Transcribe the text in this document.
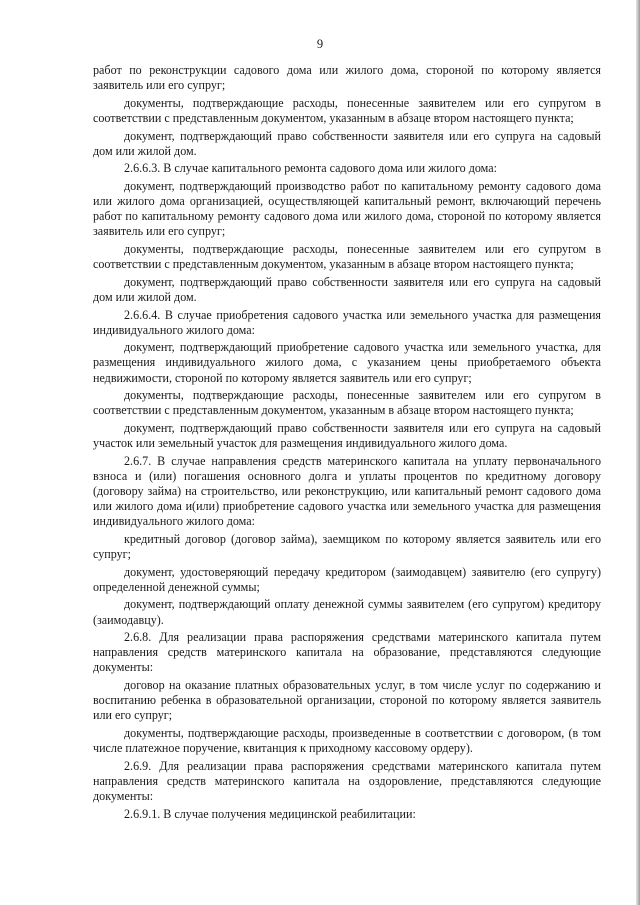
9

работ по реконструкции садового дома или жилого дома, стороной по которому является заявитель или его супруг;

документы, подтверждающие расходы, понесенные заявителем или его супругом в соответствии с представленным документом, указанным в абзаце втором настоящего пункта;

документ, подтверждающий право собственности заявителя или его супруга на садовый дом или жилой дом.

2.6.6.3. В случае капитального ремонта садового дома или жилого дома:

документ, подтверждающий производство работ по капитальному ремонту садового дома или жилого дома организацией, осуществляющей капитальный ремонт, включающий перечень работ по капитальному ремонту садового дома или жилого дома, стороной по которому является заявитель или его супруг;

документы, подтверждающие расходы, понесенные заявителем или его супругом в соответствии с представленным документом, указанным в абзаце втором настоящего пункта;

документ, подтверждающий право собственности заявителя или его супруга на садовый дом или жилой дом.

2.6.6.4. В случае приобретения садового участка или земельного участка для размещения индивидуального жилого дома:

документ, подтверждающий приобретение садового участка или земельного участка, для размещения индивидуального жилого дома, с указанием цены приобретаемого объекта недвижимости, стороной по которому является заявитель или его супруг;

документы, подтверждающие расходы, понесенные заявителем или его супругом в соответствии с представленным документом, указанным в абзаце втором настоящего пункта;

документ, подтверждающий право собственности заявителя или его супруга на садовый участок или земельный участок для размещения индивидуального жилого дома.

2.6.7. В случае направления средств материнского капитала на уплату первоначального взноса и (или) погашения основного долга и уплаты процентов по кредитному договору (договору займа) на строительство, или реконструкцию, или капитальный ремонт садового дома или жилого дома и(или) приобретение садового участка или земельного участка для размещения индивидуального жилого дома:

кредитный договор (договор займа), заемщиком по которому является заявитель или его супруг;

документ, удостоверяющий передачу кредитором (заимодавцем) заявителю (его супругу) определенной денежной суммы;

документ, подтверждающий оплату денежной суммы заявителем (его супругом) кредитору (заимодавцу).

2.6.8. Для реализации права распоряжения средствами материнского капитала путем направления средств материнского капитала на образование, представляются следующие документы:

договор на оказание платных образовательных услуг, в том числе услуг по содержанию и воспитанию ребенка в образовательной организации, стороной по которому является заявитель или его супруг;

документы, подтверждающие расходы, произведенные в соответствии с договором, (в том числе платежное поручение, квитанция к приходному кассовому ордеру).

2.6.9. Для реализации права распоряжения средствами материнского капитала путем направления средств материнского капитала на оздоровление, представляются следующие документы:

2.6.9.1. В случае получения медицинской реабилитации:
